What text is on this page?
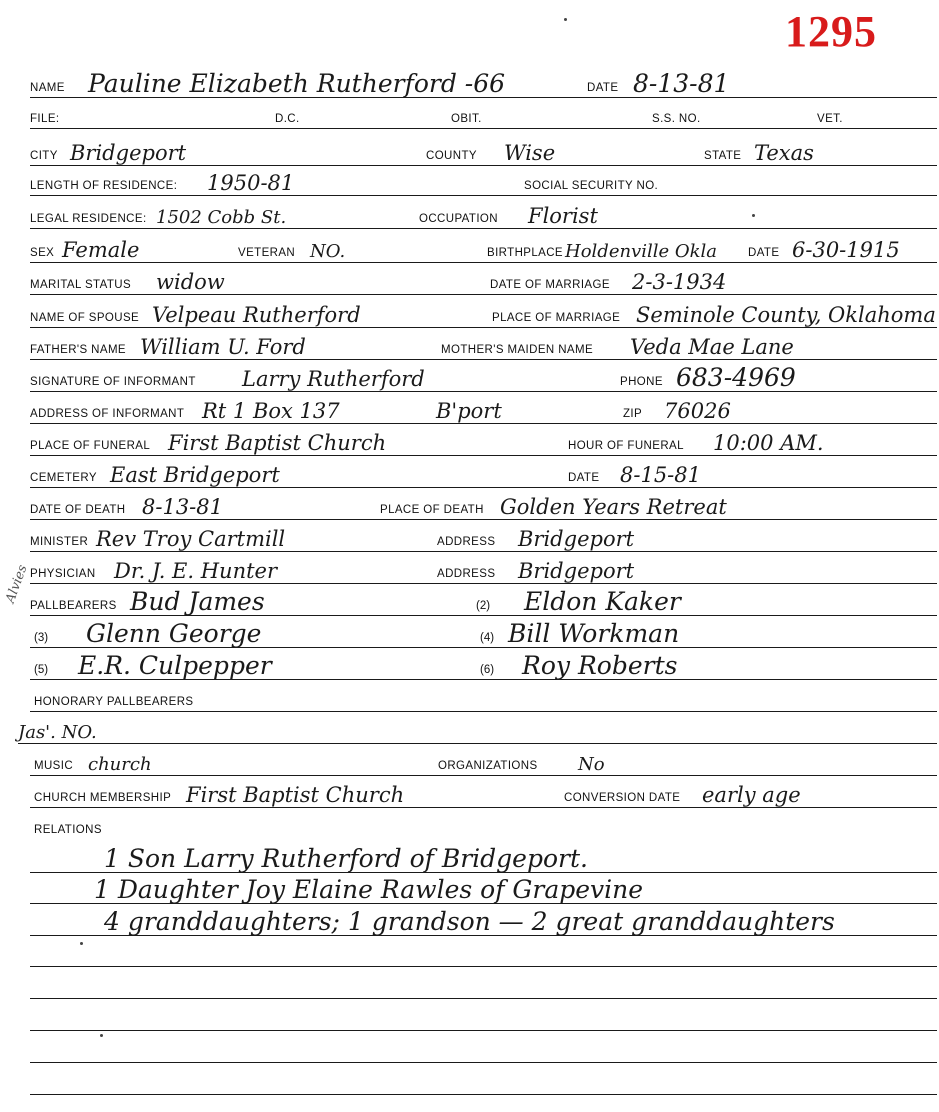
1295
NAME Pauline Elizabeth Rutherford -66	DATE 8-13-81
FILE:	D.C.	OBIT.	S.S. NO.	VET.
CITY Bridgeport	COUNTY Wise	STATE Texas
LENGTH OF RESIDENCE: 1950-81	SOCIAL SECURITY NO.
LEGAL RESIDENCE: 1502 Cobb St.	OCCUPATION Florist
SEX Female	VETERAN NO.	BIRTHPLACE Holdenville Okla	DATE 6-30-1915
MARITAL STATUS widow	DATE OF MARRIAGE 2-3-1934
NAME OF SPOUSE Velpeau Rutherford	PLACE OF MARRIAGE Seminole County, Oklahoma
FATHER'S NAME William U. Ford	MOTHER'S MAIDEN NAME Veda Mae Lane
SIGNATURE OF INFORMANT Larry Rutherford	PHONE 683-4969
ADDRESS OF INFORMANT Rt 1 Box 137	B'port	ZIP 76026
PLACE OF FUNERAL First Baptist Church	HOUR OF FUNERAL 10:00 AM.
CEMETERY East Bridgeport	DATE 8-15-81
DATE OF DEATH 8-13-81	PLACE OF DEATH Golden Years Retreat
MINISTER Rev Troy Cartmill	ADDRESS Bridgeport
PHYSICIAN Dr. J. E. Hunter	ADDRESS Bridgeport
PALLBEARERS Bud James	(2) Eldon Kaker
(3) Glenn George	(4) Bill Workman
(5) E.R. Culpepper	(6) Roy Roberts
HONORARY PALLBEARERS
Jas'. NO.
MUSIC church	ORGANIZATIONS No
CHURCH MEMBERSHIP First Baptist Church	CONVERSION DATE early age
RELATIONS
1 Son Larry Rutherford of Bridgeport.
1 Daughter Joy Elaine Rawles of Grapevine
4 granddaughters; 1 grandson — 2 great granddaughters
Alvies
